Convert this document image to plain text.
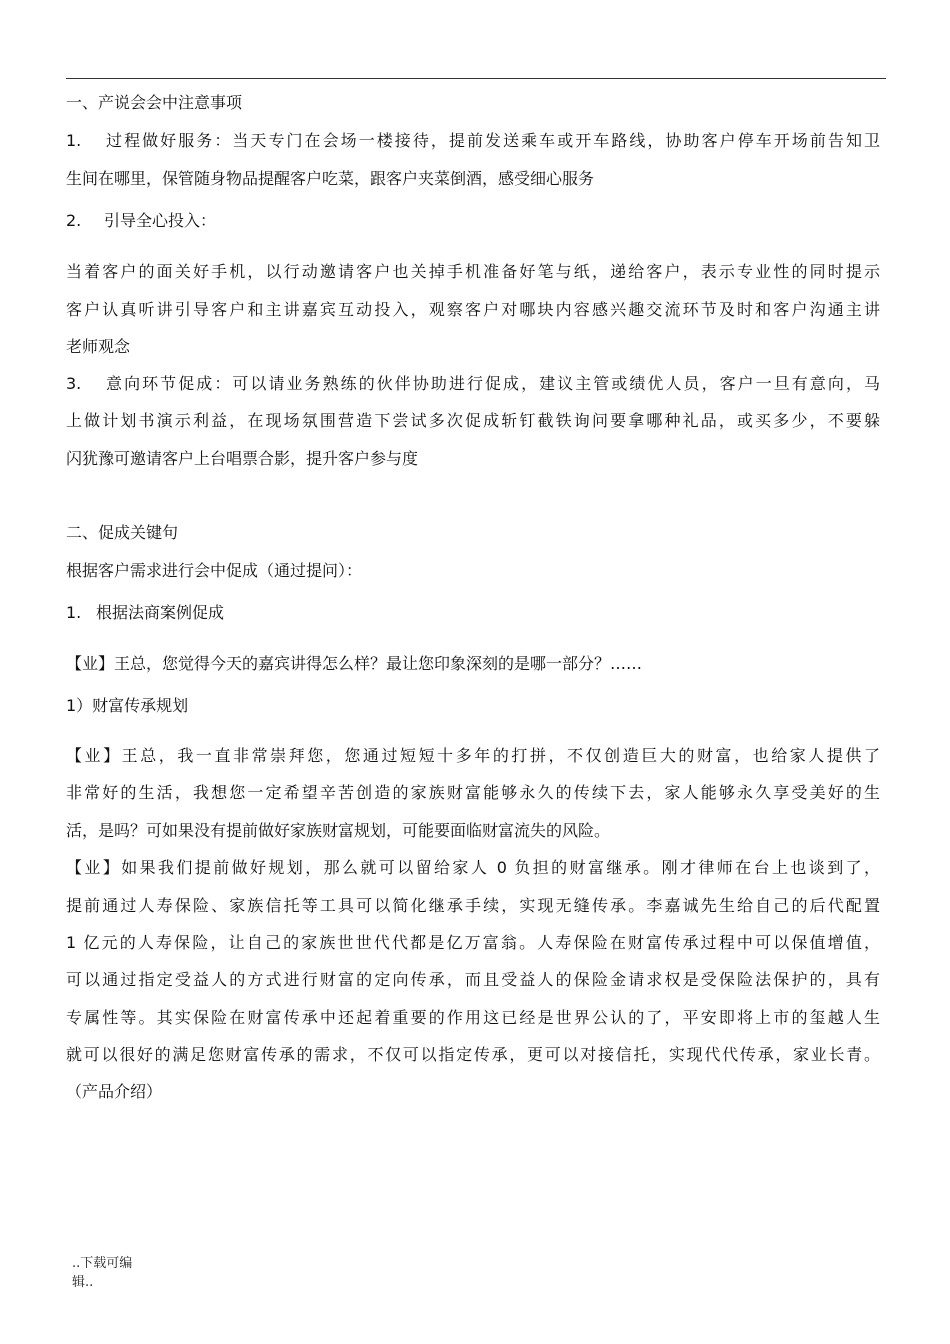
一、产说会会中注意事项
1. 过程做好服务：当天专门在会场一楼接待，提前发送乘车或开车路线，协助客户停车开场前告知卫
生间在哪里，保管随身物品提醒客户吃菜，跟客户夹菜倒酒，感受细心服务
2. 引导全心投入：
当着客户的面关好手机，以行动邀请客户也关掉手机准备好笔与纸，递给客户，表示专业性的同时提示
客户认真听讲引导客户和主讲嘉宾互动投入，观察客户对哪块内容感兴趣交流环节及时和客户沟通主讲
老师观念
3. 意向环节促成：可以请业务熟练的伙伴协助进行促成，建议主管或绩优人员，客户一旦有意向，马
上做计划书演示利益，在现场氛围营造下尝试多次促成斩钉截铁询问要拿哪种礼品，或买多少，不要躲
闪犹豫可邀请客户上台唱票合影，提升客户参与度
二、促成关键句
根据客户需求进行会中促成（通过提问）：
1. 根据法商案例促成
【业】王总，您觉得今天的嘉宾讲得怎么样？最让您印象深刻的是哪一部分？……
1）财富传承规划
【业】王总，我一直非常崇拜您，您通过短短十多年的打拼，不仅创造巨大的财富，也给家人提供了
非常好的生活，我想您一定希望辛苦创造的家族财富能够永久的传续下去，家人能够永久享受美好的生
活，是吗？可如果没有提前做好家族财富规划，可能要面临财富流失的风险。
【业】如果我们提前做好规划，那么就可以留给家人 0 负担的财富继承。刚才律师在台上也谈到了，
提前通过人寿保险、家族信托等工具可以简化继承手续，实现无缝传承。李嘉诚先生给自己的后代配置
1 亿元的人寿保险，让自己的家族世世代代都是亿万富翁。人寿保险在财富传承过程中可以保值增值，
可以通过指定受益人的方式进行财富的定向传承，而且受益人的保险金请求权是受保险法保护的，具有
专属性等。其实保险在财富传承中还起着重要的作用这已经是世界公认的了，平安即将上市的玺越人生
就可以很好的满足您财富传承的需求，不仅可以指定传承，更可以对接信托，实现代代传承，家业长青。
（产品介绍）
..下载可编
辑..
